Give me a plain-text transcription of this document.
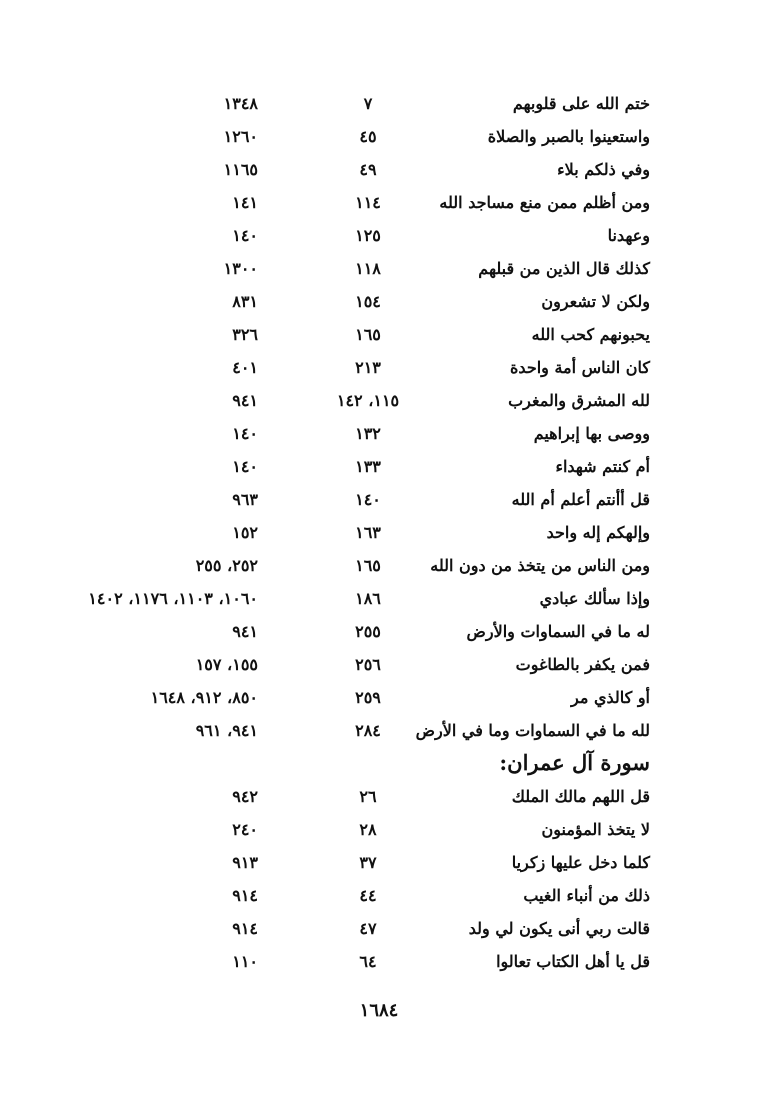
ختم الله على قلوبهم
٧
١٣٤٨
واستعينوا بالصبر والصلاة
٤٥
١٢٦٠
وفي ذلكم بلاء
٤٩
١١٦٥
ومن أظلم ممن منع مساجد الله
١١٤
١٤١
وعهدنا
١٢٥
١٤٠
كذلك قال الذين من قبلهم
١١٨
١٣٠٠
ولكن لا تشعرون
١٥٤
٨٣١
يحبونهم كحب الله
١٦٥
٣٢٦
كان الناس أمة واحدة
٢١٣
٤٠١
لله المشرق والمغرب
١١٥، ١٤٢
٩٤١
ووصى بها إبراهيم
١٣٢
١٤٠
أم كنتم شهداء
١٣٣
١٤٠
قل أأنتم أعلم أم الله
١٤٠
٩٦٣
وإلهكم إله واحد
١٦٣
١٥٢
ومن الناس من يتخذ من دون الله
١٦٥
٢٥٢، ٢٥٥
وإذا سألك عبادي
١٨٦
١٠٦٠، ١١٠٣، ١١٧٦، ١٤٠٢
له ما في السماوات والأرض
٢٥٥
٩٤١
فمن يكفر بالطاغوت
٢٥٦
١٥٥، ١٥٧
أو كالذي مر
٢٥٩
٨٥٠، ٩١٢، ١٦٤٨
لله ما في السماوات وما في الأرض
٢٨٤
٩٤١، ٩٦١
سورة آل عمران:
قل اللهم مالك الملك
٢٦
٩٤٢
لا يتخذ المؤمنون
٢٨
٢٤٠
كلما دخل عليها زكريا
٣٧
٩١٣
ذلك من أنباء الغيب
٤٤
٩١٤
قالت ربي أنى يكون لي ولد
٤٧
٩١٤
قل يا أهل الكتاب تعالوا
٦٤
١١٠
١٦٨٤
